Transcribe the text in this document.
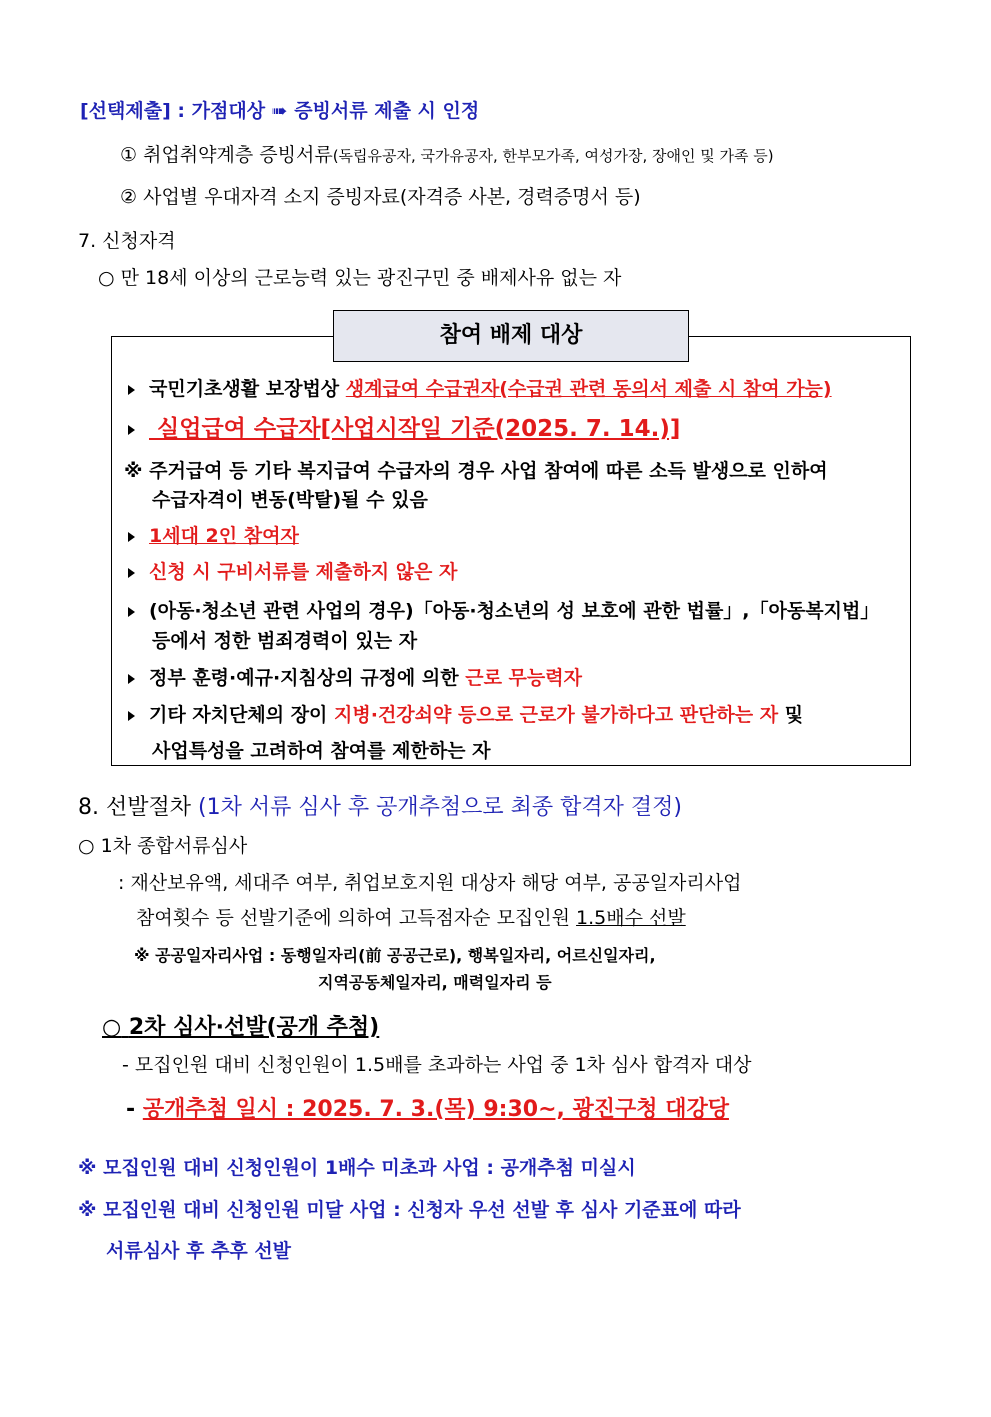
[선택제출] : 가점대상 ➠ 증빙서류 제출 시 인정
① 취업취약계층 증빙서류(독립유공자, 국가유공자, 한부모가족, 여성가장, 장애인 및 가족 등)
② 사업별 우대자격 소지 증빙자료(자격증 사본, 경력증명서 등)
7. 신청자격
○ 만 18세 이상의 근로능력 있는 광진구민 중 배제사유 없는 자
참여 배제 대상
국민기초생활 보장법상 생계급여 수급권자(수급권 관련 동의서 제출 시 참여 가능)
실업급여 수급자[사업시작일 기준(2025. 7. 14.)]
※ 주거급여 등 기타 복지급여 수급자의 경우 사업 참여에 따른 소득 발생으로 인하여
수급자격이 변동(박탈)될 수 있음
1세대 2인 참여자
신청 시 구비서류를 제출하지 않은 자
(아동·청소년 관련 사업의 경우)「아동·청소년의 성 보호에 관한 법률」,「아동복지법」
등에서 정한 범죄경력이 있는 자
정부 훈령·예규·지침상의 규정에 의한 근로 무능력자
기타 자치단체의 장이 지병·건강쇠약 등으로 근로가 불가하다고 판단하는 자 및
사업특성을 고려하여 참여를 제한하는 자
8. 선발절차 (1차 서류 심사 후 공개추첨으로 최종 합격자 결정)
○ 1차 종합서류심사
: 재산보유액, 세대주 여부, 취업보호지원 대상자 해당 여부, 공공일자리사업
참여횟수 등 선발기준에 의하여 고득점자순 모집인원 1.5배수 선발
※ 공공일자리사업 : 동행일자리(前 공공근로), 행복일자리, 어르신일자리,
지역공동체일자리, 매력일자리 등
○ 2차 심사·선발(공개 추첨)
- 모집인원 대비 신청인원이 1.5배를 초과하는 사업 중 1차 심사 합격자 대상
- 공개추첨 일시 : 2025. 7. 3.(목) 9:30~, 광진구청 대강당
※ 모집인원 대비 신청인원이 1배수 미초과 사업 : 공개추첨 미실시
※ 모집인원 대비 신청인원 미달 사업 : 신청자 우선 선발 후 심사 기준표에 따라
서류심사 후 추후 선발
